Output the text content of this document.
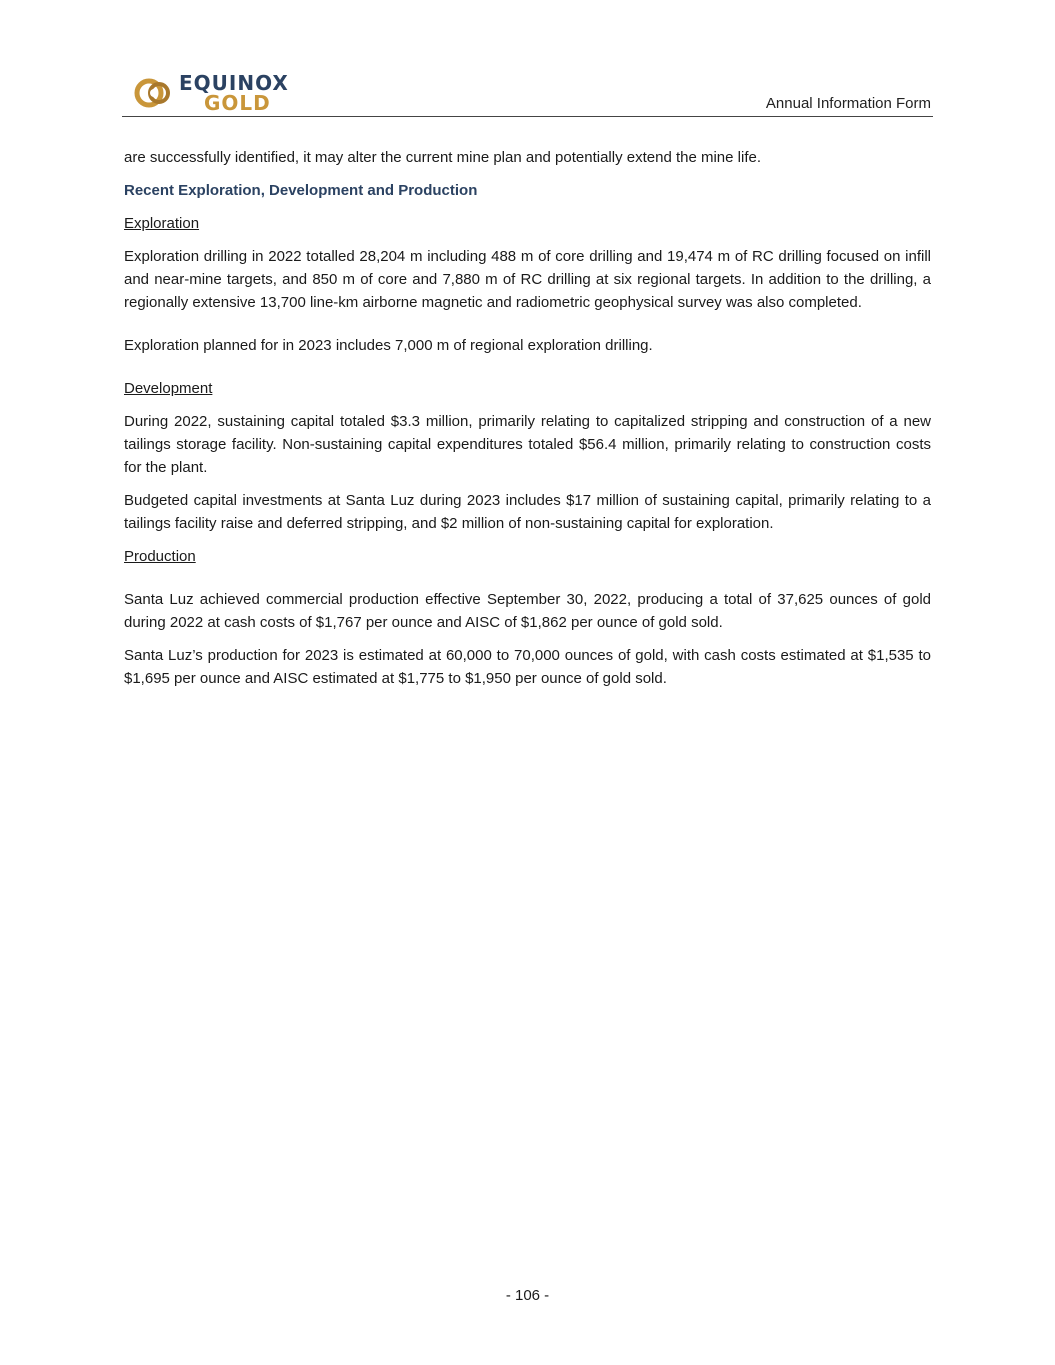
EQUINOX
GOLD	Annual Information Form

are successfully identified, it may alter the current mine plan and potentially extend the mine life.

Recent Exploration, Development and Production
Exploration

Exploration drilling in 2022 totalled 28,204 m including 488 m of core drilling and 19,474 m of RC drilling focused on infill and near-mine targets, and 850 m of core and 7,880 m of RC drilling at six regional targets. In addition to the drilling, a regionally extensive 13,700 line-km airborne magnetic and radiometric geophysical survey was also completed.

Exploration planned for in 2023 includes 7,000 m of regional exploration drilling.

Development

During 2022, sustaining capital totaled $3.3 million, primarily relating to capitalized stripping and construction of a new tailings storage facility. Non-sustaining capital expenditures totaled $56.4 million, primarily relating to construction costs for the plant.

Budgeted capital investments at Santa Luz during 2023 includes $17 million of sustaining capital, primarily relating to a tailings facility raise and deferred stripping, and $2 million of non-sustaining capital for exploration.

Production

Santa Luz achieved commercial production effective September 30, 2022, producing a total of 37,625 ounces of gold during 2022 at cash costs of $1,767 per ounce and AISC of $1,862 per ounce of gold sold.

Santa Luz’s production for 2023 is estimated at 60,000 to 70,000 ounces of gold, with cash costs estimated at $1,535 to $1,695 per ounce and AISC estimated at $1,775 to $1,950 per ounce of gold sold.

- 106 -
